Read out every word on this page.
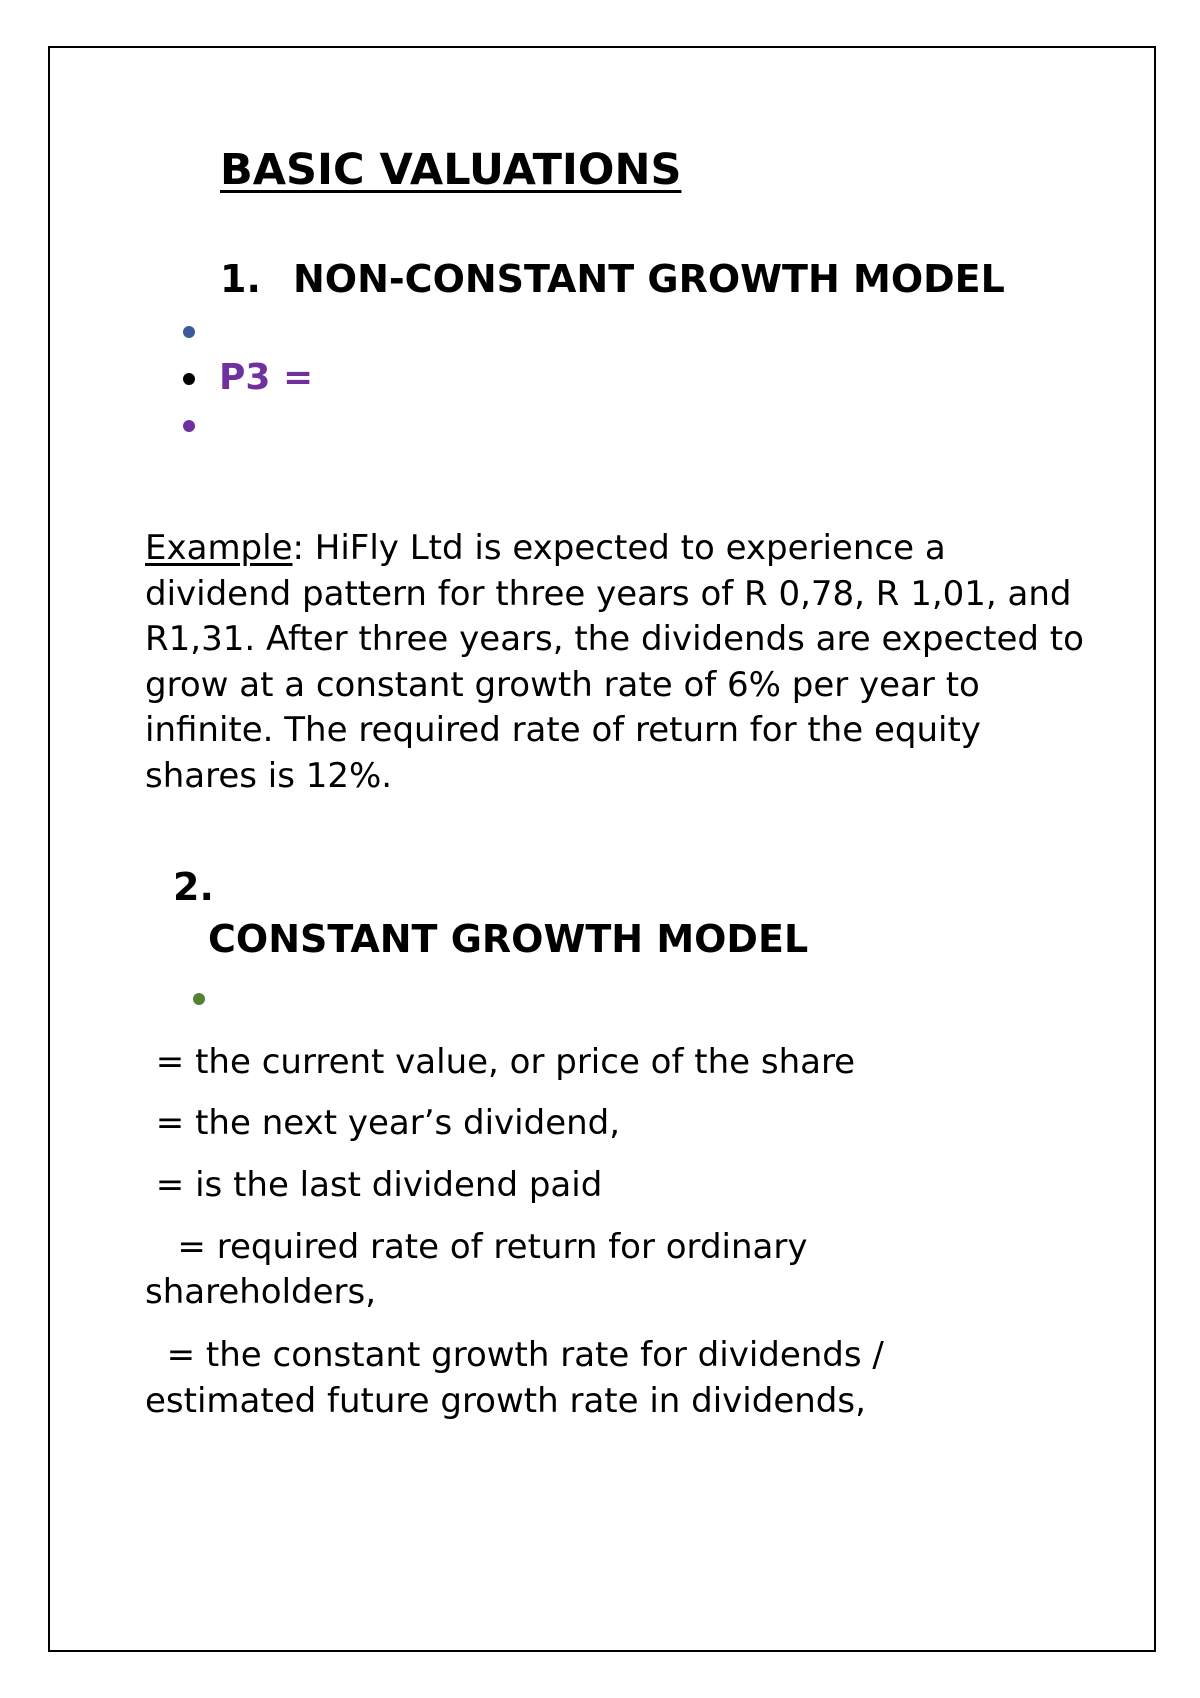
BASIC VALUATIONS
1. NON-CONSTANT GROWTH MODEL
P3 =
Example: HiFly Ltd is expected to experience a dividend pattern for three years of R 0,78, R 1,01, and R1,31. After three years, the dividends are expected to grow at a constant growth rate of 6% per year to infinite. The required rate of return for the equity shares is 12%.
2.
CONSTANT GROWTH MODEL
= the current value, or price of the share
= the next year’s dividend,
= is the last dividend paid
= required rate of return for ordinary
shareholders,
= the constant growth rate for dividends /
estimated future growth rate in dividends,
